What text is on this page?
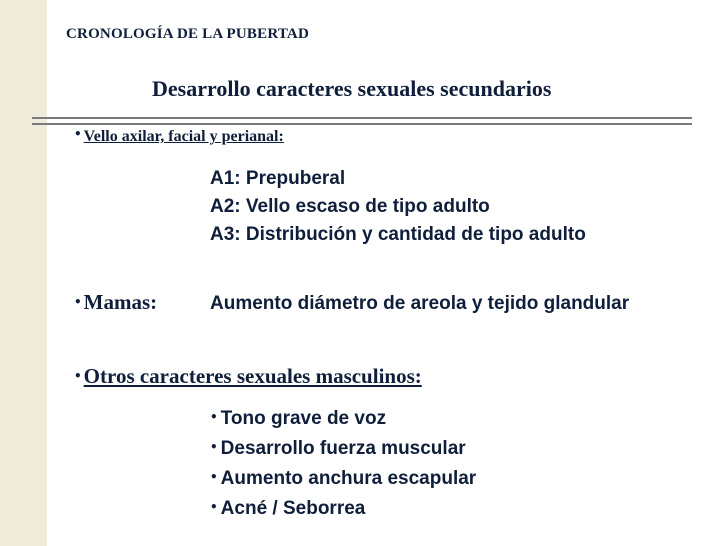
CRONOLOGÍA DE LA PUBERTAD
Desarrollo caracteres sexuales secundarios
• Vello axilar, facial y perianal:
A1: Prepuberal
A2: Vello escaso de tipo adulto
A3: Distribución y cantidad de tipo adulto
•Mamas:	Aumento diámetro de areola y tejido glandular
•Otros caracteres sexuales masculinos:
• Tono grave de voz
• Desarrollo fuerza muscular
• Aumento anchura escapular
• Acné / Seborrea
